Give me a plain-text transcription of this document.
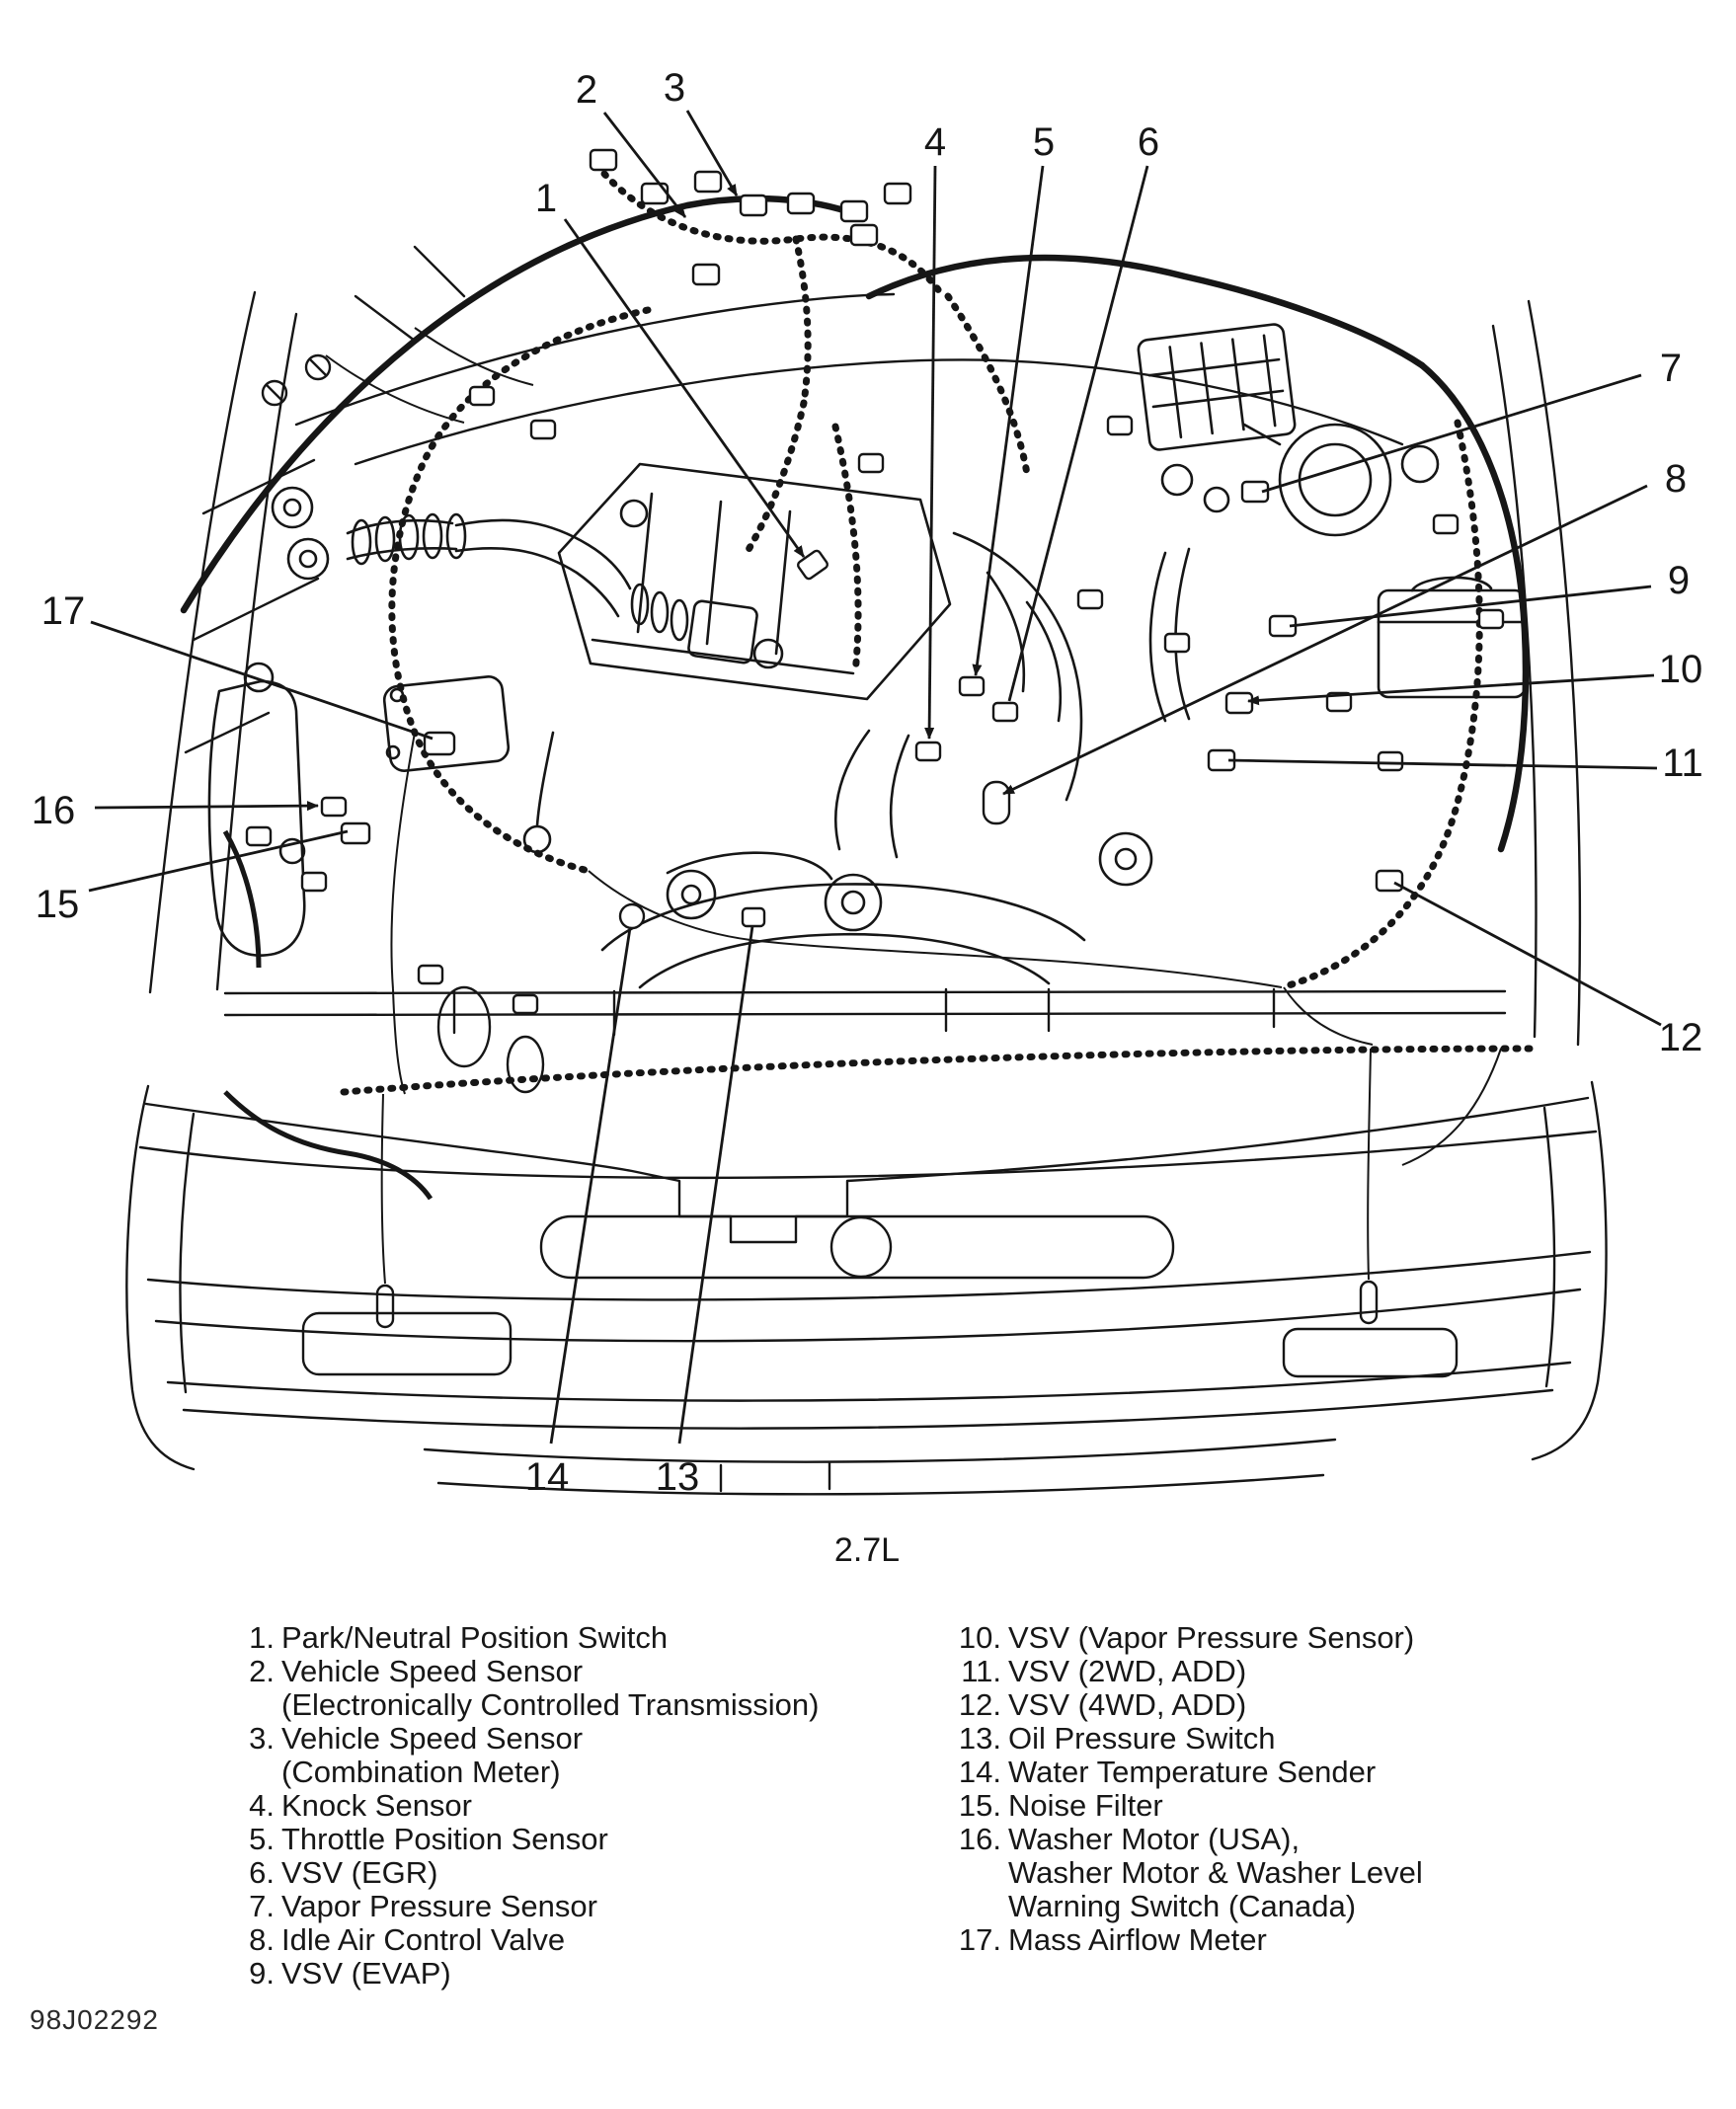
1
2 3
4 5 6
7
8
9
10
11
12
13
14
15
16
17
2.7L
1. Park/Neutral Position Switch
2. Vehicle Speed Sensor
(Electronically Controlled Transmission)
3. Vehicle Speed Sensor
(Combination Meter)
4. Knock Sensor
5. Throttle Position Sensor
6. VSV (EGR)
7. Vapor Pressure Sensor
8. Idle Air Control Valve
9. VSV (EVAP)
10. VSV (Vapor Pressure Sensor)
11. VSV (2WD, ADD)
12. VSV (4WD, ADD)
13. Oil Pressure Switch
14. Water Temperature Sender
15. Noise Filter
16. Washer Motor (USA),
Washer Motor & Washer Level
Warning Switch (Canada)
17. Mass Airflow Meter
98J02292
